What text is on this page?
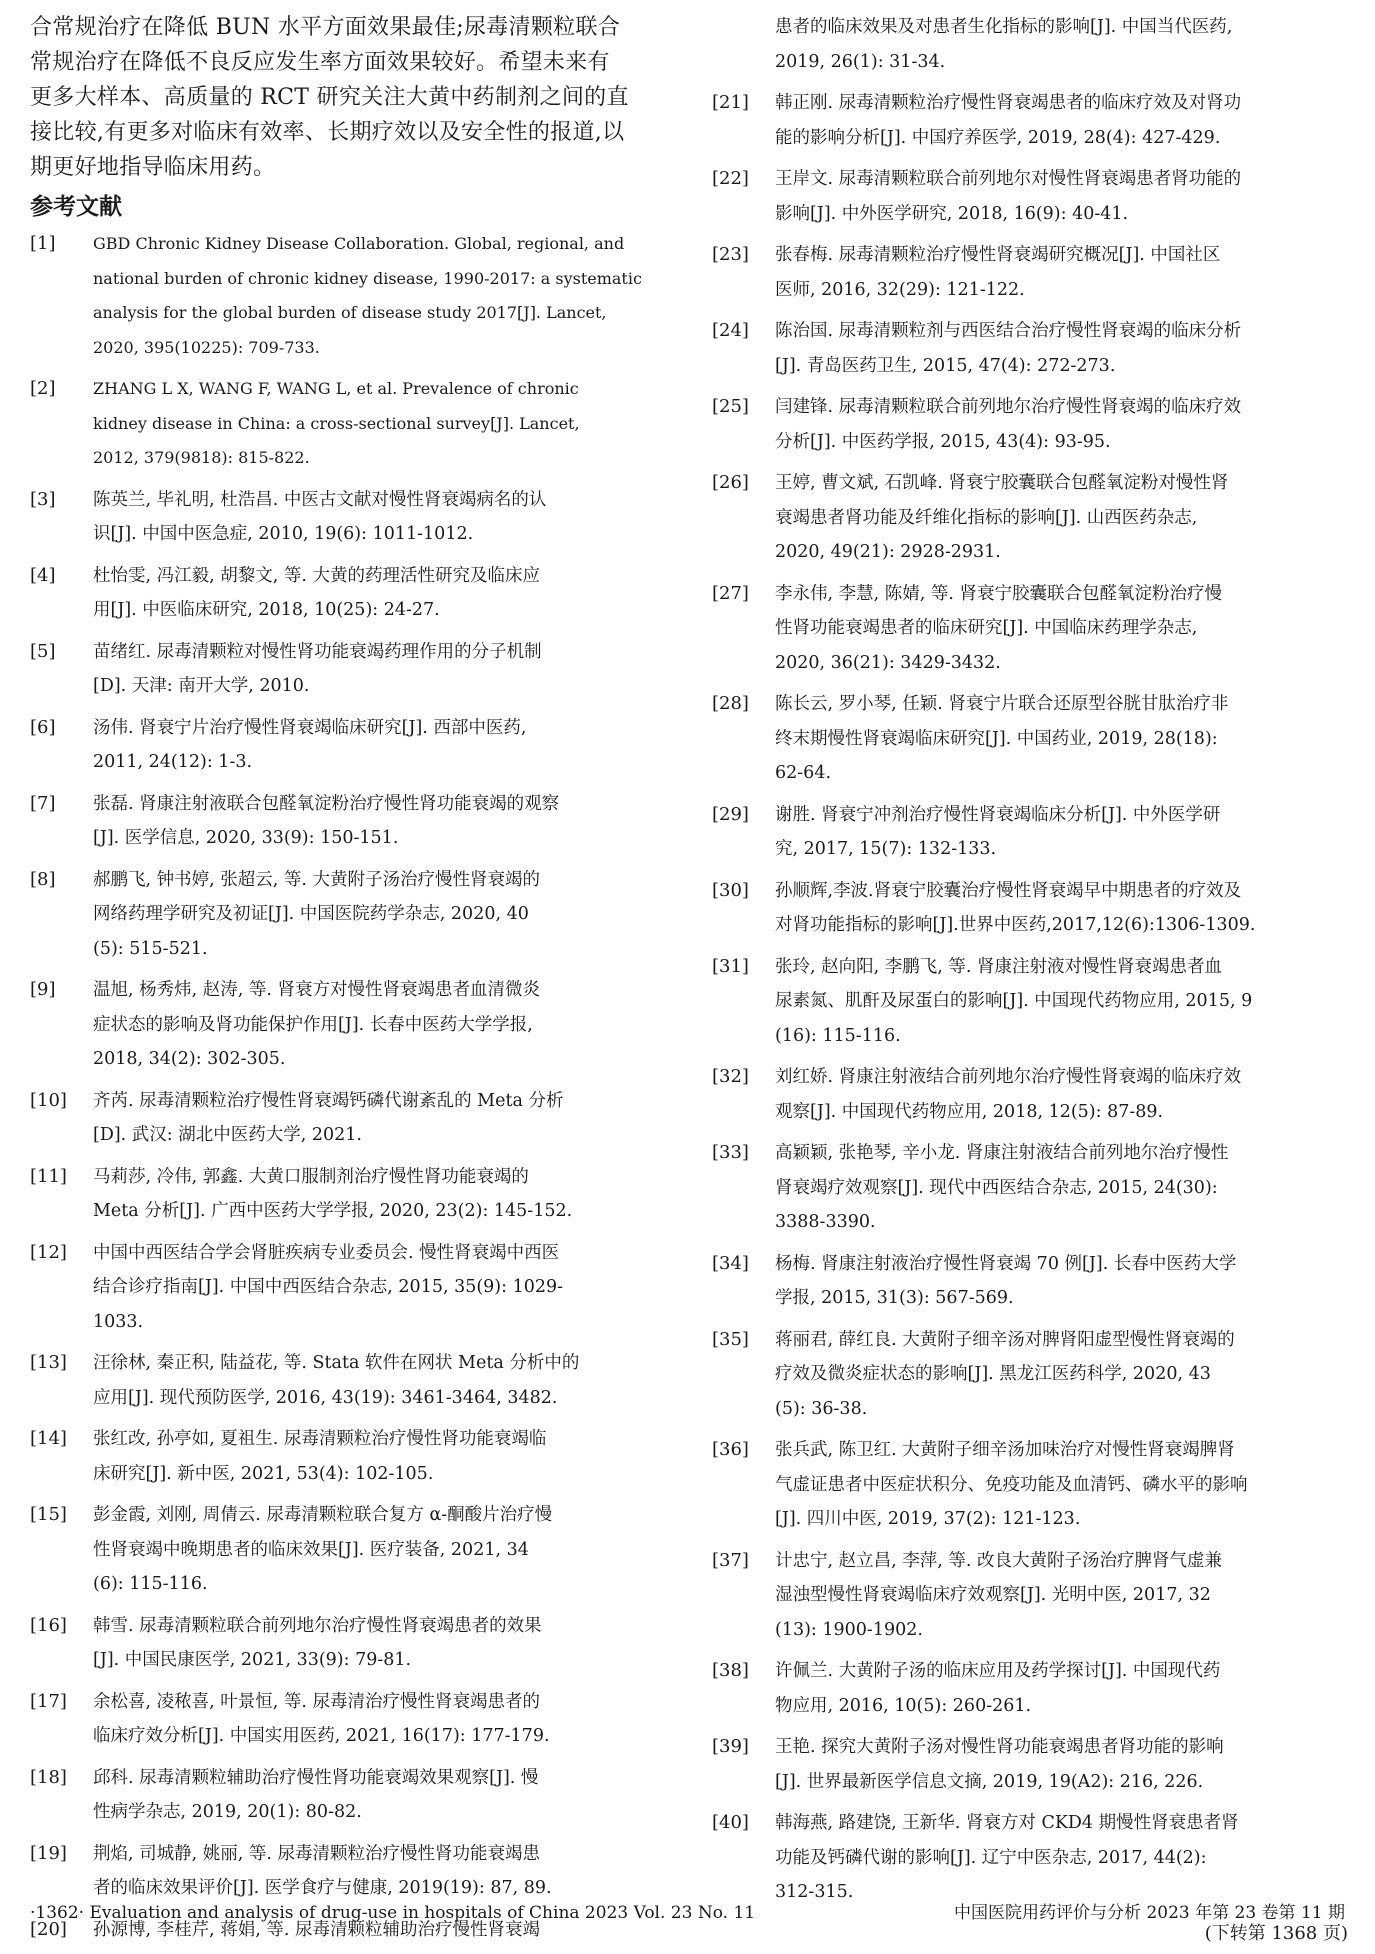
合常规治疗在降低 BUN 水平方面效果最佳;尿毒清颗粒联合
常规治疗在降低不良反应发生率方面效果较好。希望未来有
更多大样本、高质量的 RCT 研究关注大黄中药制剂之间的直
接比较,有更多对临床有效率、长期疗效以及安全性的报道,以
期更好地指导临床用药。
参考文献
[1] GBD Chronic Kidney Disease Collaboration. Global, regional, and
national burden of chronic kidney disease, 1990-2017: a systematic
analysis for the global burden of disease study 2017[J]. Lancet,
2020, 395(10225): 709-733.
[2] ZHANG L X, WANG F, WANG L, et al. Prevalence of chronic
kidney disease in China: a cross-sectional survey[J]. Lancet,
2012, 379(9818): 815-822.
[3] 陈英兰, 毕礼明, 杜浩昌. 中医古文献对慢性肾衰竭病名的认
识[J]. 中国中医急症, 2010, 19(6): 1011-1012.
[4] 杜怡雯, 冯江毅, 胡黎文, 等. 大黄的药理活性研究及临床应
用[J]. 中医临床研究, 2018, 10(25): 24-27.
[5] 苗绪红. 尿毒清颗粒对慢性肾功能衰竭药理作用的分子机制
[D]. 天津: 南开大学, 2010.
[6] 汤伟. 肾衰宁片治疗慢性肾衰竭临床研究[J]. 西部中医药,
2011, 24(12): 1-3.
[7] 张磊. 肾康注射液联合包醛氧淀粉治疗慢性肾功能衰竭的观察
[J]. 医学信息, 2020, 33(9): 150-151.
[8] 郝鹏飞, 钟书婷, 张超云, 等. 大黄附子汤治疗慢性肾衰竭的
网络药理学研究及初证[J]. 中国医院药学杂志, 2020, 40
(5): 515-521.
[9] 温旭, 杨秀炜, 赵涛, 等. 肾衰方对慢性肾衰竭患者血清微炎
症状态的影响及肾功能保护作用[J]. 长春中医药大学学报,
2018, 34(2): 302-305.
[10] 齐芮. 尿毒清颗粒治疗慢性肾衰竭钙磷代谢紊乱的 Meta 分析
[D]. 武汉: 湖北中医药大学, 2021.
[11] 马莉莎, 冷伟, 郭鑫. 大黄口服制剂治疗慢性肾功能衰竭的
Meta 分析[J]. 广西中医药大学学报, 2020, 23(2): 145-152.
[12] 中国中西医结合学会肾脏疾病专业委员会. 慢性肾衰竭中西医
结合诊疗指南[J]. 中国中西医结合杂志, 2015, 35(9): 1029-
1033.
[13] 汪徐林, 秦正积, 陆益花, 等. Stata 软件在网状 Meta 分析中的
应用[J]. 现代预防医学, 2016, 43(19): 3461-3464, 3482.
[14] 张红改, 孙亭如, 夏祖生. 尿毒清颗粒治疗慢性肾功能衰竭临
床研究[J]. 新中医, 2021, 53(4): 102-105.
[15] 彭金霞, 刘刚, 周倩云. 尿毒清颗粒联合复方 α-酮酸片治疗慢
性肾衰竭中晚期患者的临床效果[J]. 医疗装备, 2021, 34
(6): 115-116.
[16] 韩雪. 尿毒清颗粒联合前列地尔治疗慢性肾衰竭患者的效果
[J]. 中国民康医学, 2021, 33(9): 79-81.
[17] 余松喜, 凌秾喜, 叶景恒, 等. 尿毒清治疗慢性肾衰竭患者的
临床疗效分析[J]. 中国实用医药, 2021, 16(17): 177-179.
[18] 邱科. 尿毒清颗粒辅助治疗慢性肾功能衰竭效果观察[J]. 慢
性病学杂志, 2019, 20(1): 80-82.
[19] 荆焰, 司城静, 姚丽, 等. 尿毒清颗粒治疗慢性肾功能衰竭患
者的临床效果评价[J]. 医学食疗与健康, 2019(19): 87, 89.
[20] 孙源博, 李桂芹, 蒋娟, 等. 尿毒清颗粒辅助治疗慢性肾衰竭
患者的临床效果及对患者生化指标的影响[J]. 中国当代医药,
2019, 26(1): 31-34.
[21] 韩正刚. 尿毒清颗粒治疗慢性肾衰竭患者的临床疗效及对肾功
能的影响分析[J]. 中国疗养医学, 2019, 28(4): 427-429.
[22] 王岸文. 尿毒清颗粒联合前列地尔对慢性肾衰竭患者肾功能的
影响[J]. 中外医学研究, 2018, 16(9): 40-41.
[23] 张春梅. 尿毒清颗粒治疗慢性肾衰竭研究概况[J]. 中国社区
医师, 2016, 32(29): 121-122.
[24] 陈治国. 尿毒清颗粒剂与西医结合治疗慢性肾衰竭的临床分析
[J]. 青岛医药卫生, 2015, 47(4): 272-273.
[25] 闫建锋. 尿毒清颗粒联合前列地尔治疗慢性肾衰竭的临床疗效
分析[J]. 中医药学报, 2015, 43(4): 93-95.
[26] 王婷, 曹文斌, 石凯峰. 肾衰宁胶囊联合包醛氧淀粉对慢性肾
衰竭患者肾功能及纤维化指标的影响[J]. 山西医药杂志,
2020, 49(21): 2928-2931.
[27] 李永伟, 李慧, 陈婧, 等. 肾衰宁胶囊联合包醛氧淀粉治疗慢
性肾功能衰竭患者的临床研究[J]. 中国临床药理学杂志,
2020, 36(21): 3429-3432.
[28] 陈长云, 罗小琴, 任颖. 肾衰宁片联合还原型谷胱甘肽治疗非
终末期慢性肾衰竭临床研究[J]. 中国药业, 2019, 28(18):
62-64.
[29] 谢胜. 肾衰宁冲剂治疗慢性肾衰竭临床分析[J]. 中外医学研
究, 2017, 15(7): 132-133.
[30] 孙顺辉,李波.肾衰宁胶囊治疗慢性肾衰竭早中期患者的疗效及
对肾功能指标的影响[J].世界中医药,2017,12(6):1306-1309.
[31] 张玲, 赵向阳, 李鹏飞, 等. 肾康注射液对慢性肾衰竭患者血
尿素氮、肌酐及尿蛋白的影响[J]. 中国现代药物应用, 2015, 9
(16): 115-116.
[32] 刘红娇. 肾康注射液结合前列地尔治疗慢性肾衰竭的临床疗效
观察[J]. 中国现代药物应用, 2018, 12(5): 87-89.
[33] 高颖颖, 张艳琴, 辛小龙. 肾康注射液结合前列地尔治疗慢性
肾衰竭疗效观察[J]. 现代中西医结合杂志, 2015, 24(30):
3388-3390.
[34] 杨梅. 肾康注射液治疗慢性肾衰竭 70 例[J]. 长春中医药大学
学报, 2015, 31(3): 567-569.
[35] 蒋丽君, 薛红良. 大黄附子细辛汤对脾肾阳虚型慢性肾衰竭的
疗效及微炎症状态的影响[J]. 黑龙江医药科学, 2020, 43
(5): 36-38.
[36] 张兵武, 陈卫红. 大黄附子细辛汤加味治疗对慢性肾衰竭脾肾
气虚证患者中医症状积分、免疫功能及血清钙、磷水平的影响
[J]. 四川中医, 2019, 37(2): 121-123.
[37] 计忠宁, 赵立昌, 李萍, 等. 改良大黄附子汤治疗脾肾气虚兼
湿浊型慢性肾衰竭临床疗效观察[J]. 光明中医, 2017, 32
(13): 1900-1902.
[38] 许佩兰. 大黄附子汤的临床应用及药学探讨[J]. 中国现代药
物应用, 2016, 10(5): 260-261.
[39] 王艳. 探究大黄附子汤对慢性肾功能衰竭患者肾功能的影响
[J]. 世界最新医学信息文摘, 2019, 19(A2): 216, 226.
[40] 韩海燕, 路建饶, 王新华. 肾衰方对 CKD4 期慢性肾衰患者肾
功能及钙磷代谢的影响[J]. 辽宁中医杂志, 2017, 44(2):
312-315.
(下转第 1368 页)
·1362· Evaluation and analysis of drug-use in hospitals of China 2023 Vol. 23 No. 11	中国医院用药评价与分析 2023 年第 23 卷第 11 期
